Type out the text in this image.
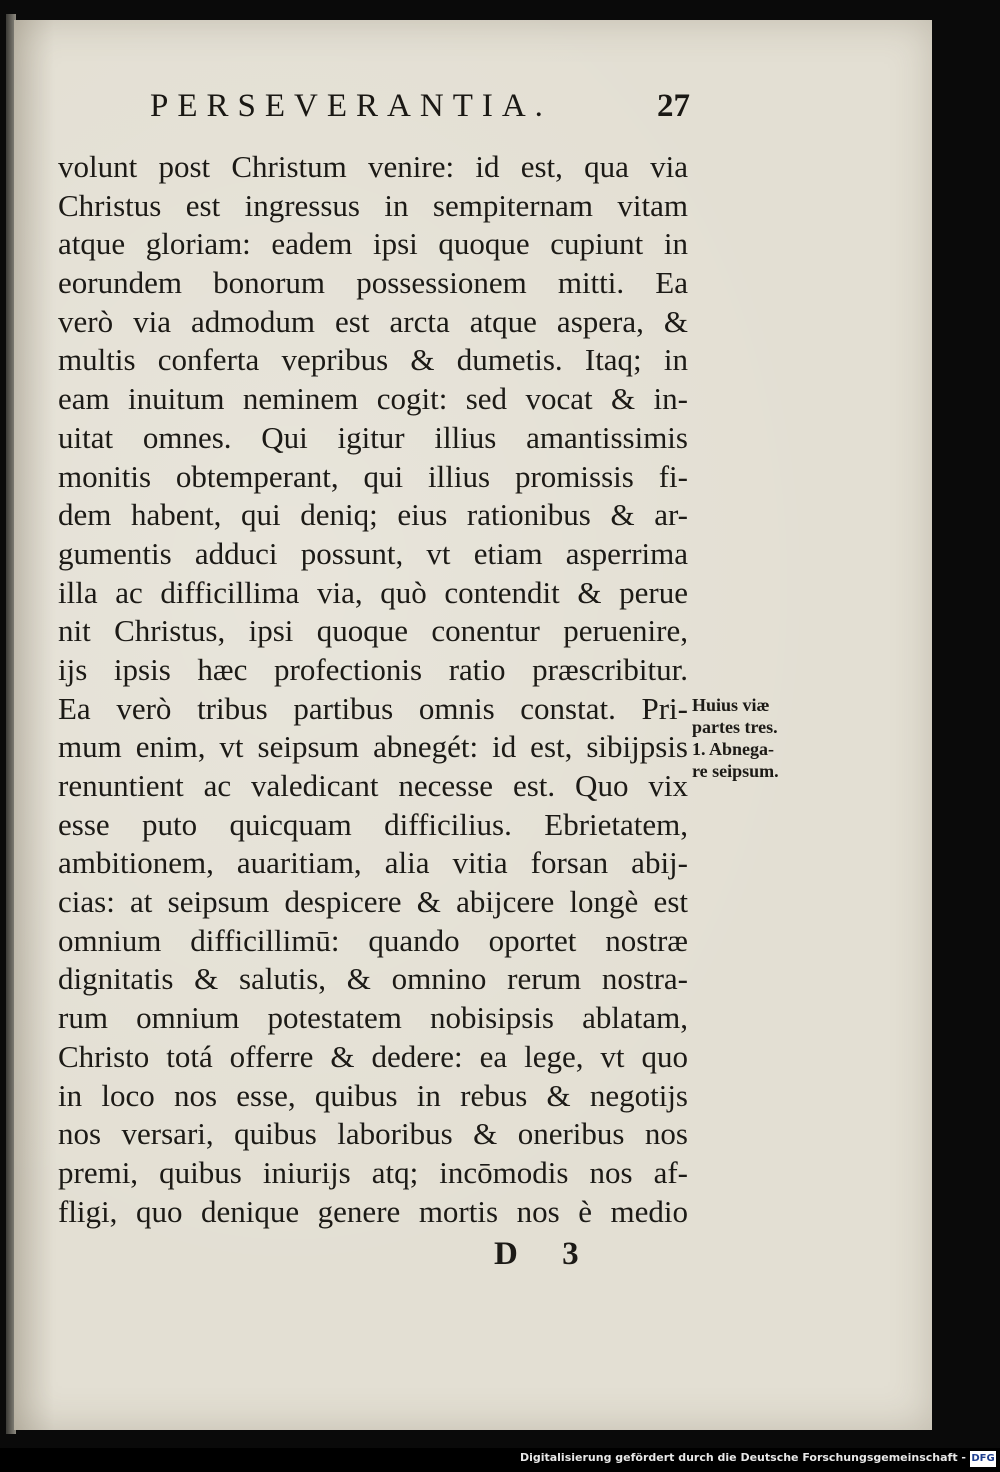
PERSEVERANTIA.	27
volunt post Christum venire: id est, qua via
Christus est ingressus in sempiternam vitam
atque gloriam: eadem ipsi quoque cupiunt in
eorundem bonorum possessionem mitti. Ea
verò via admodum est arcta atque aspera, &
multis conferta vepribus & dumetis. Itaq; in
eam inuitum neminem cogit: sed vocat & in-
uitat omnes. Qui igitur illius amantissimis
monitis obtemperant, qui illius promissis fi-
dem habent, qui deniq; eius rationibus & ar-
gumentis adduci possunt, vt etiam asperrima
illa ac difficillima via, quò contendit & perue
nit Christus, ipsi quoque conentur peruenire,
ijs ipsis hæc profectionis ratio præscribitur.
Ea verò tribus partibus omnis constat. Pri-
mum enim, vt seipsum abnegét: id est, sibijpsis
renuntient ac valedicant necesse est. Quo vix
esse puto quicquam difficilius. Ebrietatem,
ambitionem, auaritiam, alia vitia forsan abij-
cias: at seipsum despicere & abijcere longè est
omnium difficillimū: quando oportet nostræ
dignitatis & salutis, & omnino rerum nostra-
rum omnium potestatem nobisipsis ablatam,
Christo totá offerre & dedere: ea lege, vt quo
in loco nos esse, quibus in rebus & negotijs
nos versari, quibus laboribus & oneribus nos
premi, quibus iniurijs atq; incōmodis nos af-
fligi, quo denique genere mortis nos è medio
Huius viæ
partes tres.
1. Abnega-
re seipsum.
D 3
Digitalisierung gefördert durch die Deutsche Forschungsgemeinschaft - DFG
